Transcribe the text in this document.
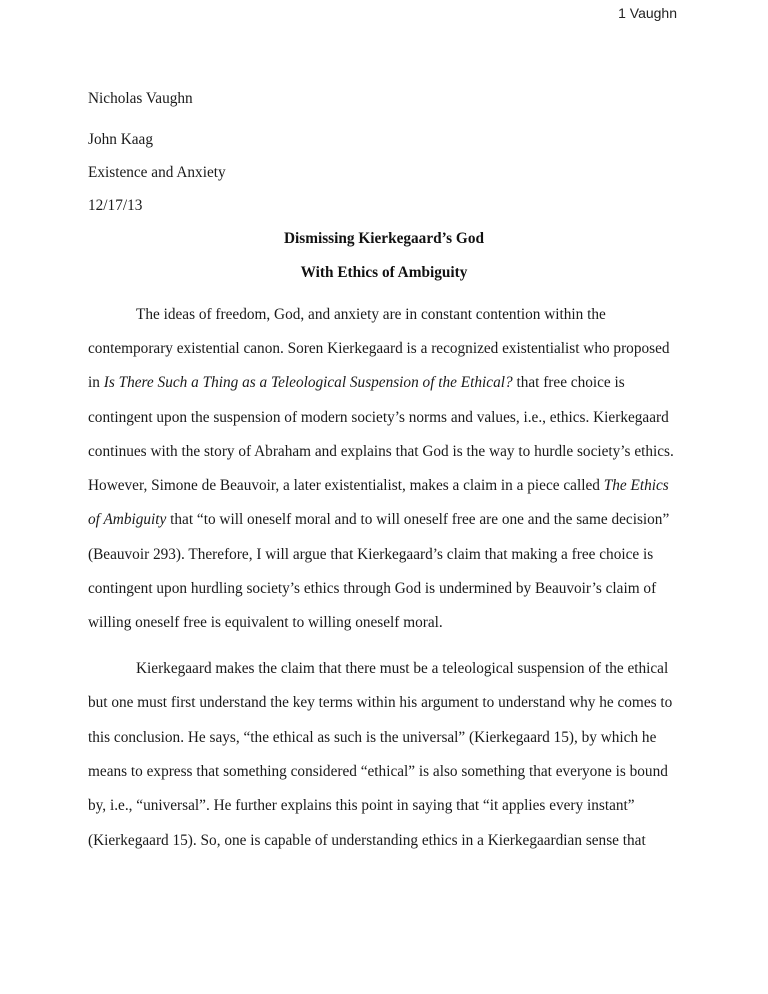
1 Vaughn
Nicholas Vaughn
John Kaag
Existence and Anxiety
12/17/13
Dismissing Kierkegaard’s God
With Ethics of Ambiguity
The ideas of freedom, God, and anxiety are in constant contention within the
contemporary existential canon. Soren Kierkegaard is a recognized existentialist who proposed
in Is There Such a Thing as a Teleological Suspension of the Ethical? that free choice is
contingent upon the suspension of modern society’s norms and values, i.e., ethics. Kierkegaard
continues with the story of Abraham and explains that God is the way to hurdle society’s ethics.
However, Simone de Beauvoir, a later existentialist, makes a claim in a piece called The Ethics
of Ambiguity that “to will oneself moral and to will oneself free are one and the same decision”
(Beauvoir 293). Therefore, I will argue that Kierkegaard’s claim that making a free choice is
contingent upon hurdling society’s ethics through God is undermined by Beauvoir’s claim of
willing oneself free is equivalent to willing oneself moral.
Kierkegaard makes the claim that there must be a teleological suspension of the ethical
but one must first understand the key terms within his argument to understand why he comes to
this conclusion. He says, “the ethical as such is the universal” (Kierkegaard 15), by which he
means to express that something considered “ethical” is also something that everyone is bound
by, i.e., “universal”. He further explains this point in saying that “it applies every instant”
(Kierkegaard 15). So, one is capable of understanding ethics in a Kierkegaardian sense that
